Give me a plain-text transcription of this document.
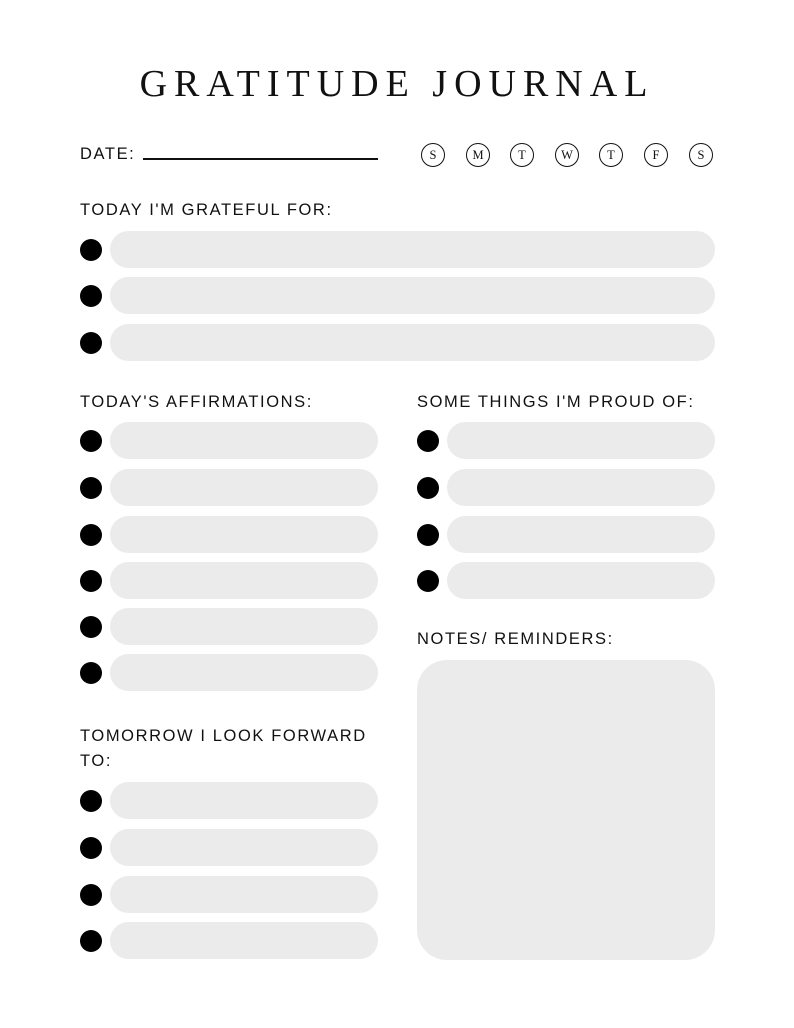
GRATITUDE JOURNAL
DATE:	S	M	T	W	T	F	S
TODAY I'M GRATEFUL FOR:
TODAY'S AFFIRMATIONS:	SOME THINGS I'M PROUD OF:
NOTES/ REMINDERS:
TOMORROW I LOOK FORWARD
TO:
